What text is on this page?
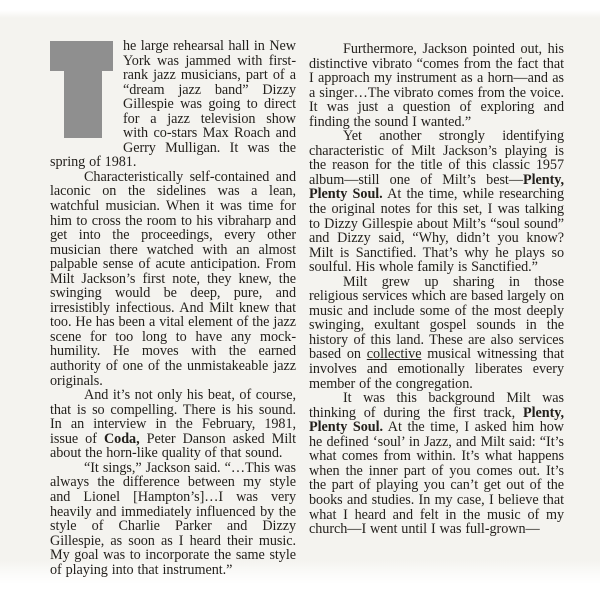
he large rehearsal hall in New York was jammed with first-rank jazz musicians, part of a “dream jazz band” Dizzy Gillespie was going to direct for a jazz television show with co-stars Max Roach and Gerry Mulligan. It was the spring of 1981.

Characteristically self-contained and laconic on the sidelines was a lean, watchful musician. When it was time for him to cross the room to his vibraharp and get into the proceedings, every other musician there watched with an almost palpable sense of acute anticipation. From Milt Jackson’s first note, they knew, the swinging would be deep, pure, and irresistibly infectious. And Milt knew that too. He has been a vital element of the jazz scene for too long to have any mock-humility. He moves with the earned authority of one of the unmistakeable jazz originals.

And it’s not only his beat, of course, that is so compelling. There is his sound. In an interview in the February, 1981, issue of Coda, Peter Danson asked Milt about the horn-like quality of that sound.

“It sings,” Jackson said. “…This was always the difference between my style and Lionel [Hampton’s]…I was very heavily and immediately influenced by the style of Charlie Parker and Dizzy Gillespie, as soon as I heard their music. My goal was to incorporate the same style of playing into that instrument.”

Furthermore, Jackson pointed out, his distinctive vibrato “comes from the fact that I approach my instrument as a horn—and as a singer…The vibrato comes from the voice. It was just a question of exploring and finding the sound I wanted.”

Yet another strongly identifying characteristic of Milt Jackson’s playing is the reason for the title of this classic 1957 album—still one of Milt’s best—Plenty, Plenty Soul. At the time, while researching the original notes for this set, I was talking to Dizzy Gillespie about Milt’s “soul sound” and Dizzy said, “Why, didn’t you know? Milt is Sanctified. That’s why he plays so soulful. His whole family is Sanctified.”

Milt grew up sharing in those religious services which are based largely on music and include some of the most deeply swinging, exultant gospel sounds in the history of this land. These are also services based on collective musical witnessing that involves and emotionally liberates every member of the congregation.

It was this background Milt was thinking of during the first track, Plenty, Plenty Soul. At the time, I asked him how he defined ‘soul’ in Jazz, and Milt said: “It’s what comes from within. It’s what happens when the inner part of you comes out. It’s the part of playing you can’t get out of the books and studies. In my case, I believe that what I heard and felt in the music of my church—I went until I was full-grown—
